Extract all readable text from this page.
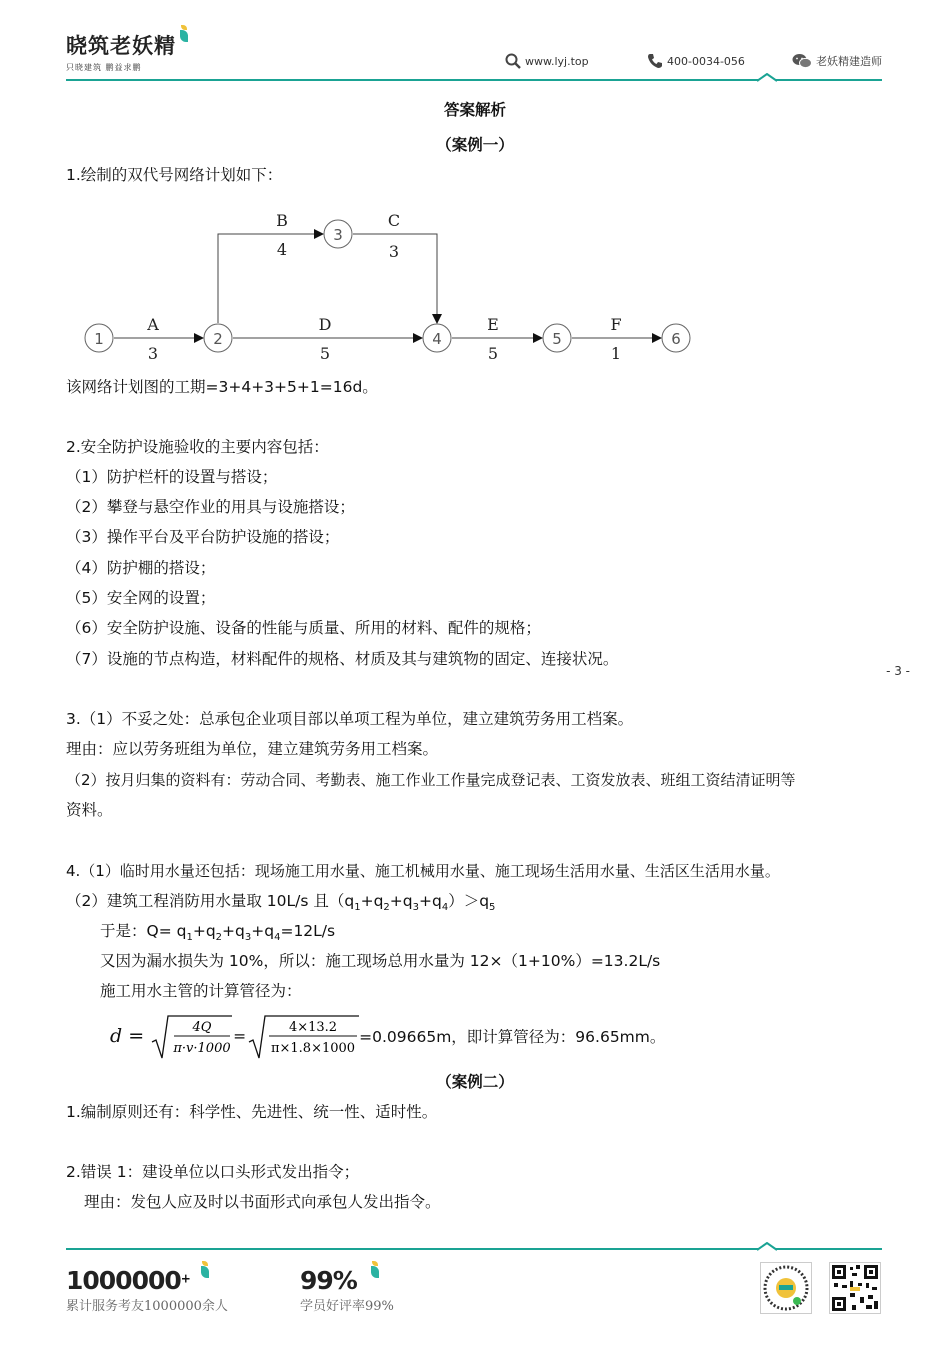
晓筑老妖精
只晓建筑 鹏益求鹏	www.lyj.top	400-0034-056	老妖精建造师
答案解析
（案例一）
1.绘制的双代号网络计划如下：
1	2
3
4	5	6
A
3
B
4
C
3
D
5
E
5
F
1
该网络计划图的工期=3+4+3+5+1=16d。
2.安全防护设施验收的主要内容包括：
（1）防护栏杆的设置与搭设；
（2）攀登与悬空作业的用具与设施搭设；
（3）操作平台及平台防护设施的搭设；
（4）防护棚的搭设；
（5）安全网的设置；
（6）安全防护设施、设备的性能与质量、所用的材料、配件的规格；
（7）设施的节点构造，材料配件的规格、材质及其与建筑物的固定、连接状况。
- 3 -
3.（1）不妥之处：总承包企业项目部以单项工程为单位，建立建筑劳务用工档案。
理由：应以劳务班组为单位，建立建筑劳务用工档案。
（2）按月归集的资料有：劳动合同、考勤表、施工作业工作量完成登记表、工资发放表、班组工资结清证明等
资料。
4.（1）临时用水量还包括：现场施工用水量、施工机械用水量、施工现场生活用水量、生活区生活用水量。
（2）建筑工程消防用水量取 10L/s 且$(q_1+q_2+q_3+q_4)>q_5$
于是：$Q= q_1+q_2+q_3+q_4=12L/s$
又因为漏水损失为 10%，所以：施工现场总用水量为 12×（1+10%）=13.2L/s
施工用水主管的计算管径为：
d =	4Q
π·v·1000
=	4×13.2
π×1.8×1000
=0.09665m，即计算管径为：96.65mm。
（案例二）
1.编制原则还有：科学性、先进性、统一性、适时性。
2.错误 1：建设单位以口头形式发出指令；
理由：发包人应及时以书面形式向承包人发出指令。
1000000+
累计服务考友1000000余人
99%
学员好评率99%
